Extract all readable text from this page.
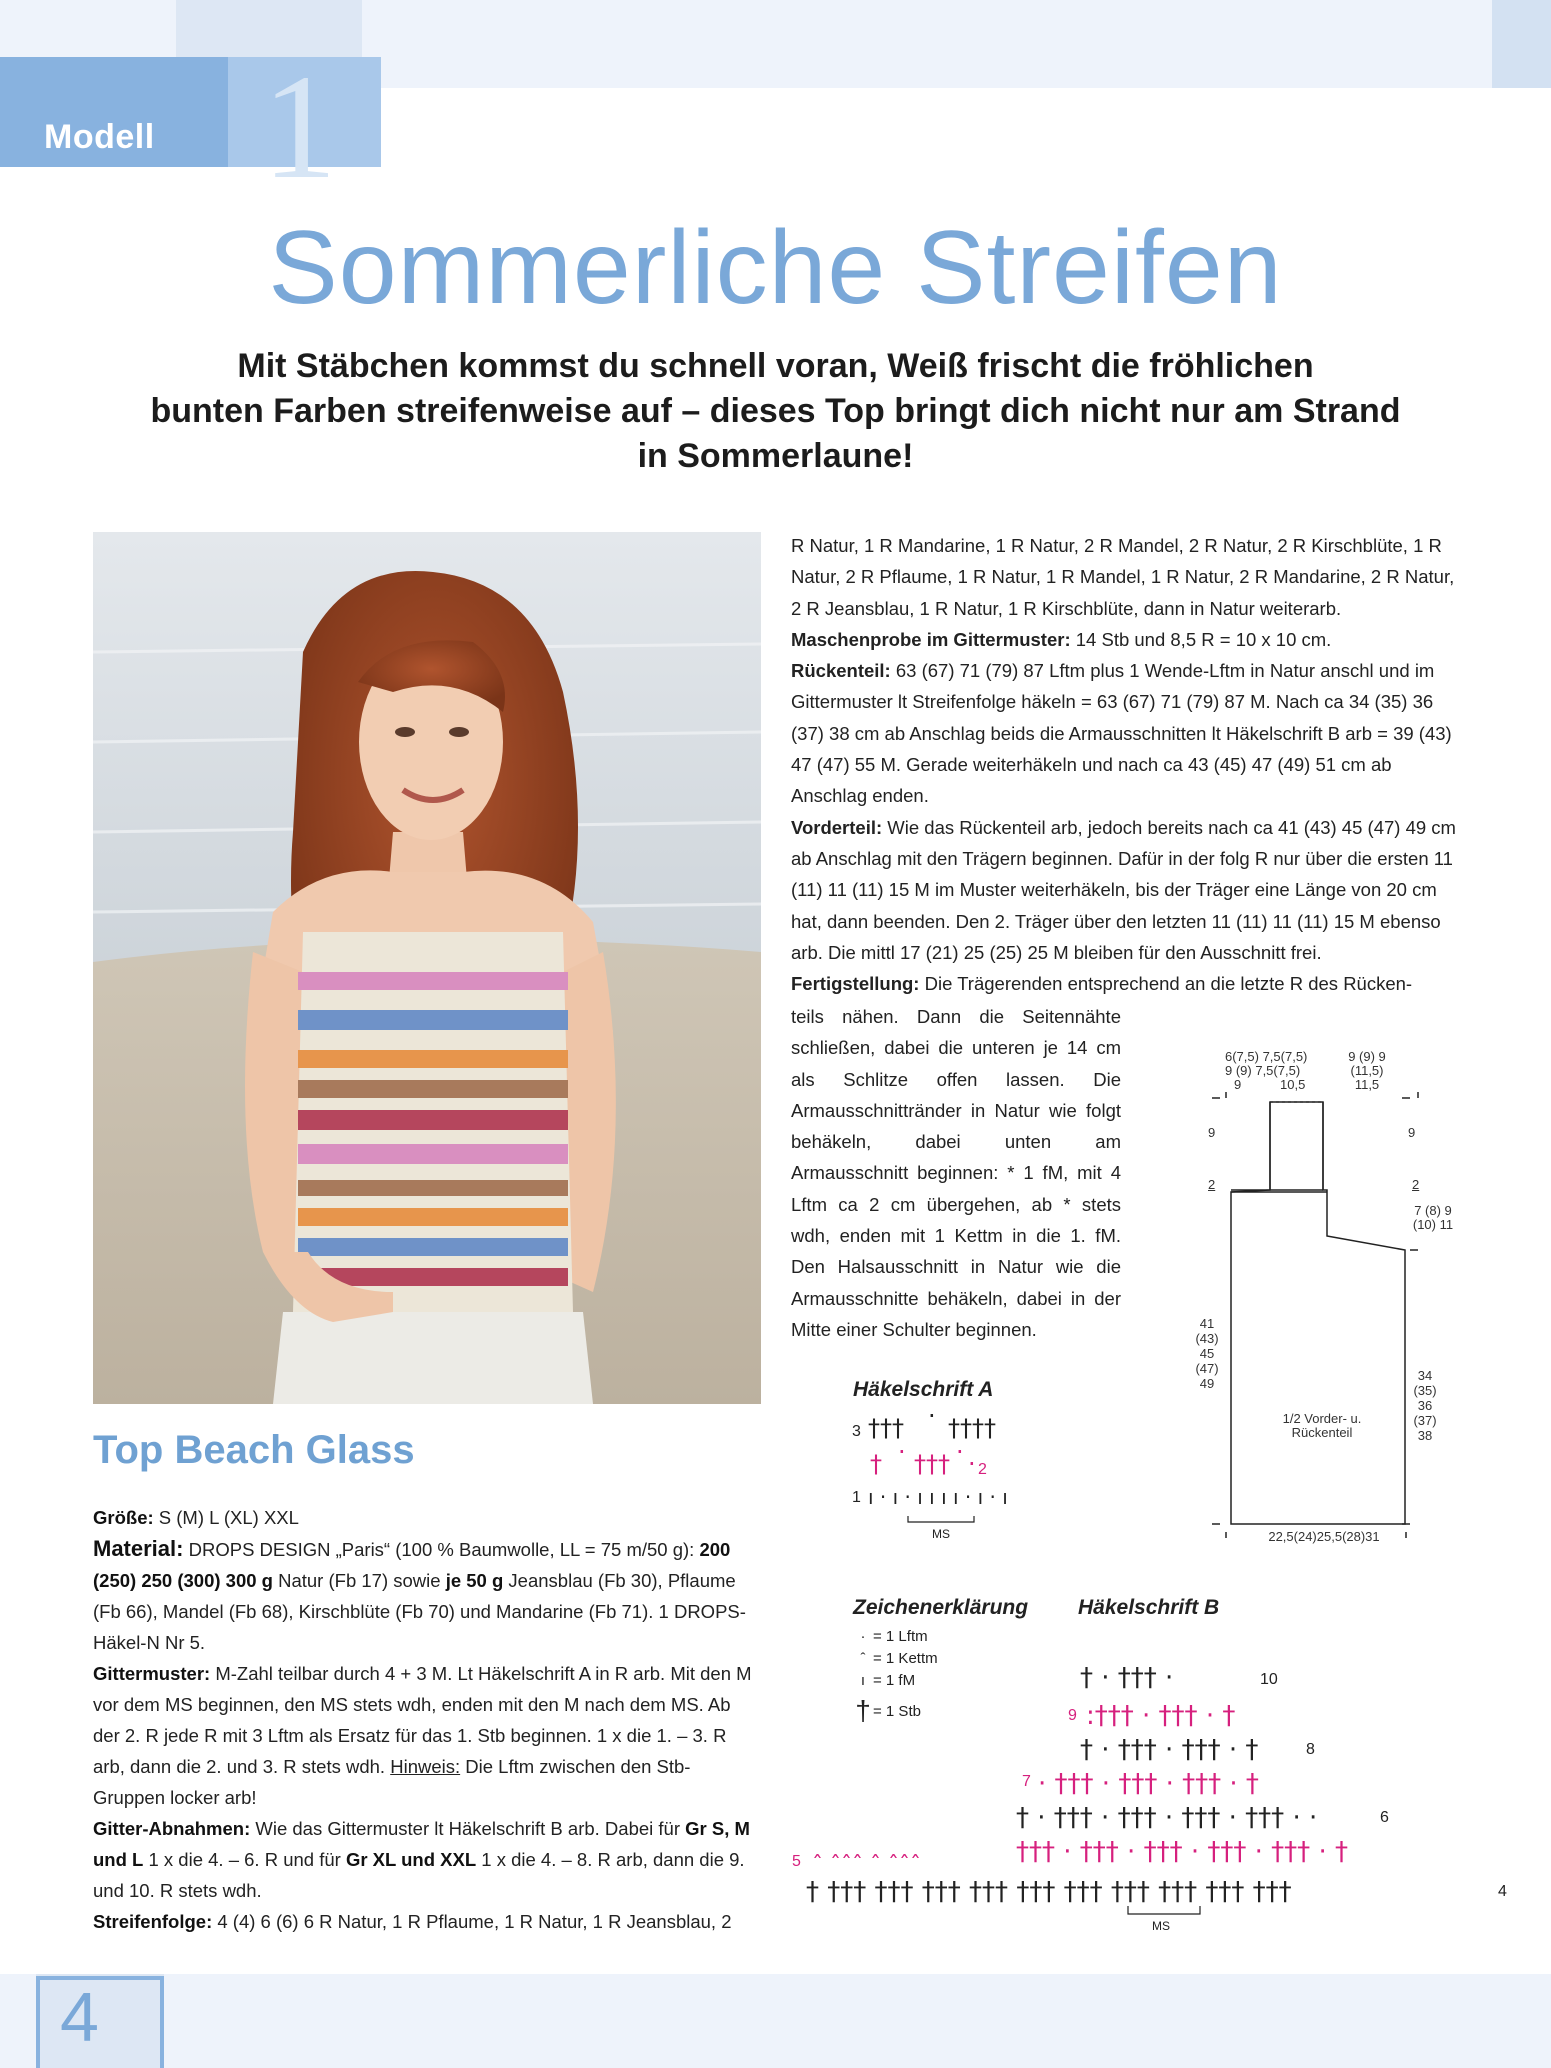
Modell 1
Sommerliche Streifen
Mit Stäbchen kommst du schnell voran, Weiß frischt die fröhlichen
bunten Farben streifenweise auf – dieses Top bringt dich nicht nur am Strand
in Sommerlaune!
Top Beach Glass

Größe: S (M) L (XL) XXL

Material: DROPS DESIGN „Paris“ (100 % Baumwolle, LL = 75 m/50 g): 200 (250) 250 (300) 300 g Natur (Fb 17) sowie je 50 g Jeansblau (Fb 30), Pflaume (Fb 66), Mandel (Fb 68), Kirschblüte (Fb 70) und Mandarine (Fb 71). 1 DROPS-Häkel-N Nr 5.

Gittermuster: M-Zahl teilbar durch 4 + 3 M. Lt Häkelschrift A in R arb. Mit den M vor dem MS beginnen, den MS stets wdh, enden mit den M nach dem MS. Ab der 2. R jede R mit 3 Lftm als Ersatz für das 1. Stb beginnen. 1 x die 1. – 3. R arb, dann die 2. und 3. R stets wdh. Hinweis: Die Lftm zwischen den Stb-Gruppen locker arb!

Gitter-Abnahmen: Wie das Gittermuster lt Häkelschrift B arb. Dabei für Gr S, M und L 1 x die 4. – 6. R und für Gr XL und XXL 1 x die 4. – 8. R arb, dann die 9. und 10. R stets wdh.

Streifenfolge: 4 (4) 6 (6) 6 R Natur, 1 R Pflaume, 1 R Natur, 1 R Jeansblau, 2

R Natur, 1 R Mandarine, 1 R Natur, 2 R Mandel, 2 R Natur, 2 R Kirschblüte, 1 R Natur, 2 R Pflaume, 1 R Natur, 1 R Mandel, 1 R Natur, 2 R Mandarine, 2 R Natur, 2 R Jeansblau, 1 R Natur, 1 R Kirschblüte, dann in Natur weiterarb.

Maschenprobe im Gittermuster: 14 Stb und 8,5 R = 10 x 10 cm.

Rückenteil: 63 (67) 71 (79) 87 Lftm plus 1 Wende-Lftm in Natur anschl und im Gittermuster lt Streifenfolge häkeln = 63 (67) 71 (79) 87 M. Nach ca 34 (35) 36 (37) 38 cm ab Anschlag beids die Armausschnitten lt Häkelschrift B arb = 39 (43) 47 (47) 55 M. Gerade weiterhäkeln und nach ca 43 (45) 47 (49) 51 cm ab Anschlag enden.

Vorderteil: Wie das Rückenteil arb, jedoch bereits nach ca 41 (43) 45 (47) 49 cm ab Anschlag mit den Trägern beginnen. Dafür in der folg R nur über die ersten 11 (11) 11 (11) 15 M im Muster weiterhäkeln, bis der Träger eine Länge von 20 cm hat, dann beenden. Den 2. Träger über den letzten 11 (11) 11 (11) 15 M ebenso arb. Die mittl 17 (21) 25 (25) 25 M bleiben für den Ausschnitt frei.

Fertigstellung: Die Trägerenden entsprechend an die letzte R des Rücken-

teils nähen. Dann die Seitennähte schließen, dabei die unteren je 14 cm als Schlitze offen lassen. Die Armausschnittränder in Natur wie folgt behäkeln, dabei unten am Armausschnitt beginnen: * 1 fM, mit 4 Lftm ca 2 cm übergehen, ab * stets wdh, enden mit 1 Kettm in die 1. fM. Den Halsausschnitt in Natur wie die Armausschnitte behäkeln, dabei in der Mitte einer Schulter beginnen.
6(7,5) 7,5(7,5)
9 (9) 7,5(7,5)
9	10,5
9 (9) 9
(11,5)
11,5
9	9
2	2
7 (8) 9
(10) 11
41
(43)
45
(47)
49
34
(35)
36
(37)
38
1/2 Vorder- u.
Rückenteil
22,5(24)25,5(28)31
Häkelschrift A
3
2
1
††† · ††††
† · ††† · ·
ı · ı · ı ı ı ı · ı · ı
MS
Zeichenerklärung
· = 1 Lftm
ˆ = 1 Kettm
ı = 1 fM
† = 1 Stb
Häkelschrift B
† · ††† ·	10
9 :††† · ††† · †
† · ††† · ††† · †	8
7 · ††† · ††† · ††† · †
† · ††† · ††† · ††† · ††† · ·	6
††† · ††† · ††† · ††† · ††† · †
5 ˆ ˆˆˆ ˆ ˆˆˆ
† ††† ††† ††† ††† ††† ††† ††† ††† ††† †††	4
MS
4
